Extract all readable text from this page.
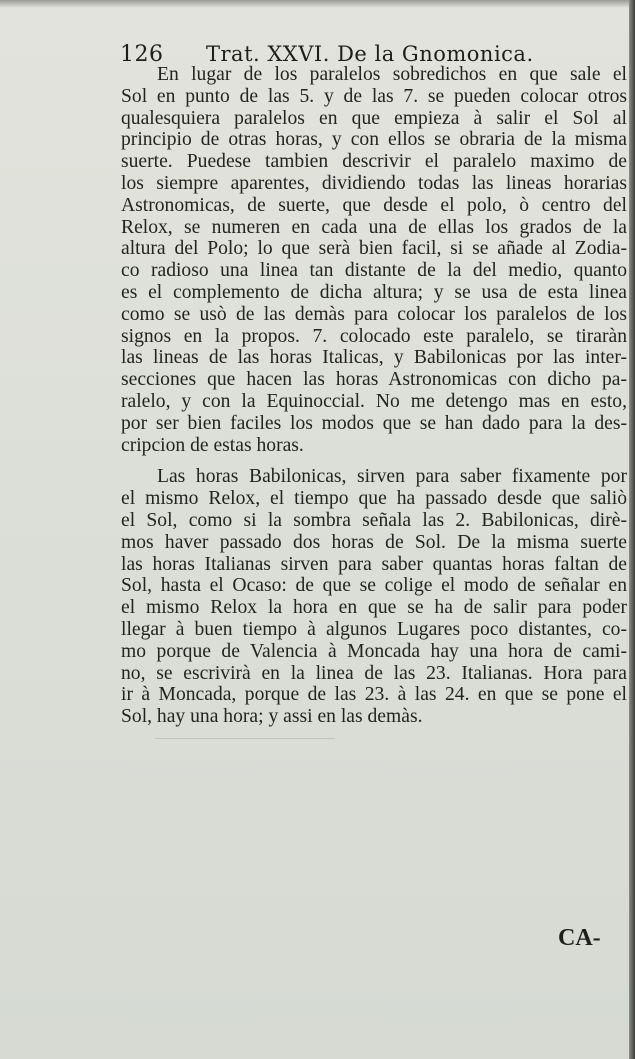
126 Trat. XXVI. De la Gnomonica.
En lugar de los paralelos sobredichos en que sale el
Sol en punto de las 5. y de las 7. se pueden colocar otros
qualesquiera paralelos en que empieza à salir el Sol al
principio de otras horas, y con ellos se obraria de la misma
suerte. Puedese tambien descrivir el paralelo maximo de
los siempre aparentes, dividiendo todas las lineas horarias
Astronomicas, de suerte, que desde el polo, ò centro del
Relox, se numeren en cada una de ellas los grados de la
altura del Polo; lo que serà bien facil, si se añade al Zodia-
co radioso una linea tan distante de la del medio, quanto
es el complemento de dicha altura; y se usa de esta linea
como se usò de las demàs para colocar los paralelos de los
signos en la propos. 7. colocado este paralelo, se tiraràn
las lineas de las horas Italicas, y Babilonicas por las inter-
secciones que hacen las horas Astronomicas con dicho pa-
ralelo, y con la Equinoccial. No me detengo mas en esto,
por ser bien faciles los modos que se han dado para la des-
cripcion de estas horas.
Las horas Babilonicas, sirven para saber fixamente por
el mismo Relox, el tiempo que ha passado desde que saliò
el Sol, como si la sombra señala las 2. Babilonicas, dirè-
mos haver passado dos horas de Sol. De la misma suerte
las horas Italianas sirven para saber quantas horas faltan de
Sol, hasta el Ocaso: de que se colige el modo de señalar en
el mismo Relox la hora en que se ha de salir para poder
llegar à buen tiempo à algunos Lugares poco distantes, co-
mo porque de Valencia à Moncada hay una hora de cami-
no, se escrivirà en la linea de las 23. Italianas. Hora para
ir à Moncada, porque de las 23. à las 24. en que se pone el
Sol, hay una hora; y assi en las demàs.
CA-
